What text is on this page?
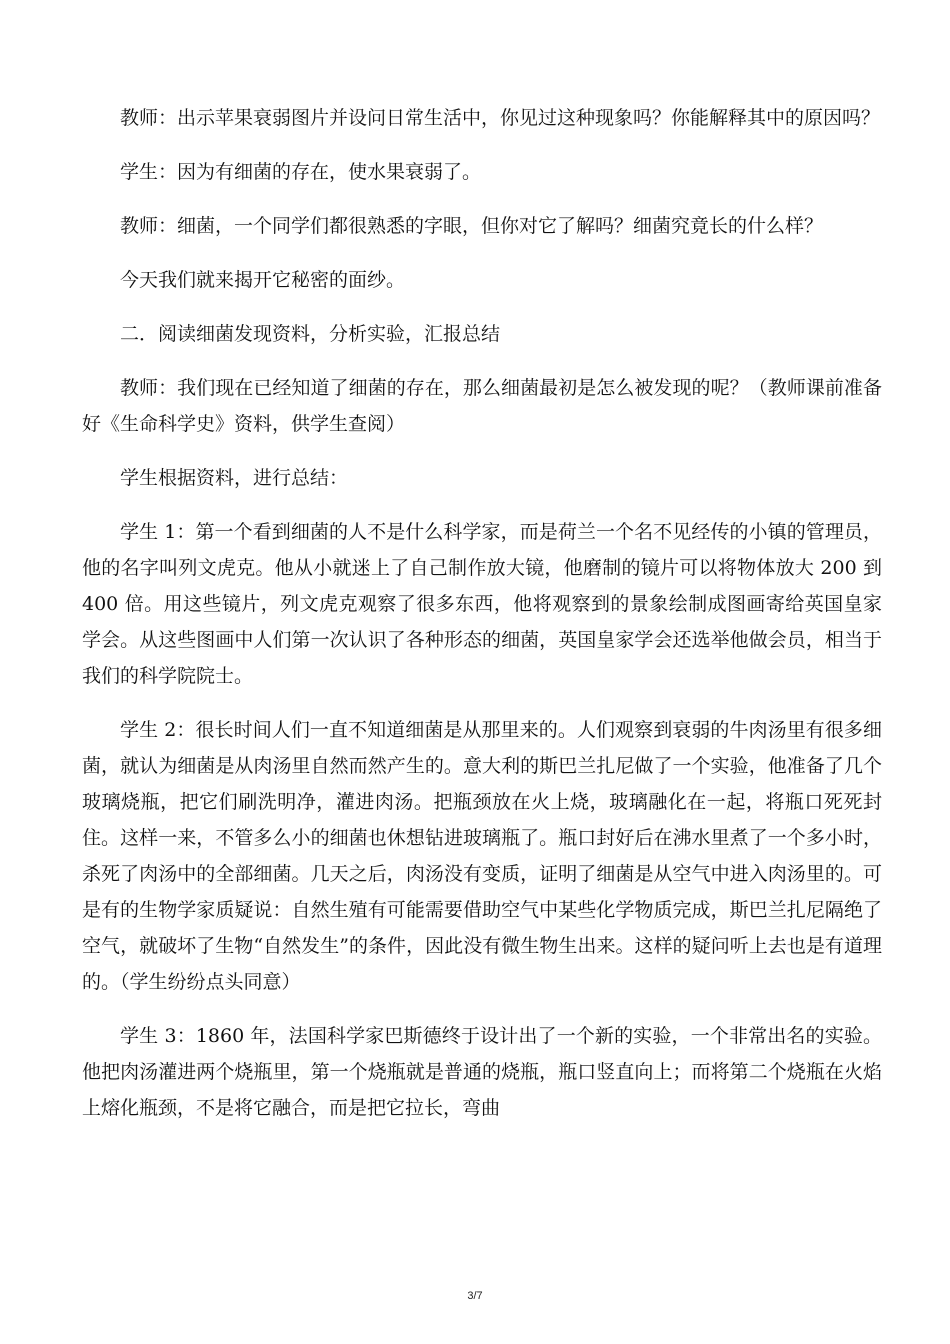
教师：出示苹果衰弱图片并设问日常生活中，你见过这种现象吗？你能解释其中的原因吗？

学生：因为有细菌的存在，使水果衰弱了。

教师：细菌，一个同学们都很熟悉的字眼，但你对它了解吗？细菌究竟长的什么样？

今天我们就来揭开它秘密的面纱。

二．阅读细菌发现资料，分析实验，汇报总结

教师：我们现在已经知道了细菌的存在，那么细菌最初是怎么被发现的呢？（教师课前准备好《生命科学史》资料，供学生查阅）

学生根据资料，进行总结：

学生 1：第一个看到细菌的人不是什么科学家，而是荷兰一个名不见经传的小镇的管理员，他的名字叫列文虎克。他从小就迷上了自己制作放大镜，他磨制的镜片可以将物体放大 200 到 400 倍。用这些镜片，列文虎克观察了很多东西，他将观察到的景象绘制成图画寄给英国皇家学会。从这些图画中人们第一次认识了各种形态的细菌，英国皇家学会还选举他做会员，相当于我们的科学院院士。

学生 2：很长时间人们一直不知道细菌是从那里来的。人们观察到衰弱的牛肉汤里有很多细菌，就认为细菌是从肉汤里自然而然产生的。意大利的斯巴兰扎尼做了一个实验，他准备了几个玻璃烧瓶，把它们刷洗明净，灌进肉汤。把瓶颈放在火上烧，玻璃融化在一起，将瓶口死死封住。这样一来，不管多么小的细菌也休想钻进玻璃瓶了。瓶口封好后在沸水里煮了一个多小时，杀死了肉汤中的全部细菌。几天之后，肉汤没有变质，证明了细菌是从空气中进入肉汤里的。可是有的生物学家质疑说：自然生殖有可能需要借助空气中某些化学物质完成，斯巴兰扎尼隔绝了空气，就破坏了生物“自然发生”的条件，因此没有微生物生出来。这样的疑问听上去也是有道理的。（学生纷纷点头同意）

学生 3：1860 年，法国科学家巴斯德终于设计出了一个新的实验，一个非常出名的实验。他把肉汤灌进两个烧瓶里，第一个烧瓶就是普通的烧瓶，瓶口竖直向上；而将第二个烧瓶在火焰上熔化瓶颈，不是将它融合，而是把它拉长，弯曲

3/7
